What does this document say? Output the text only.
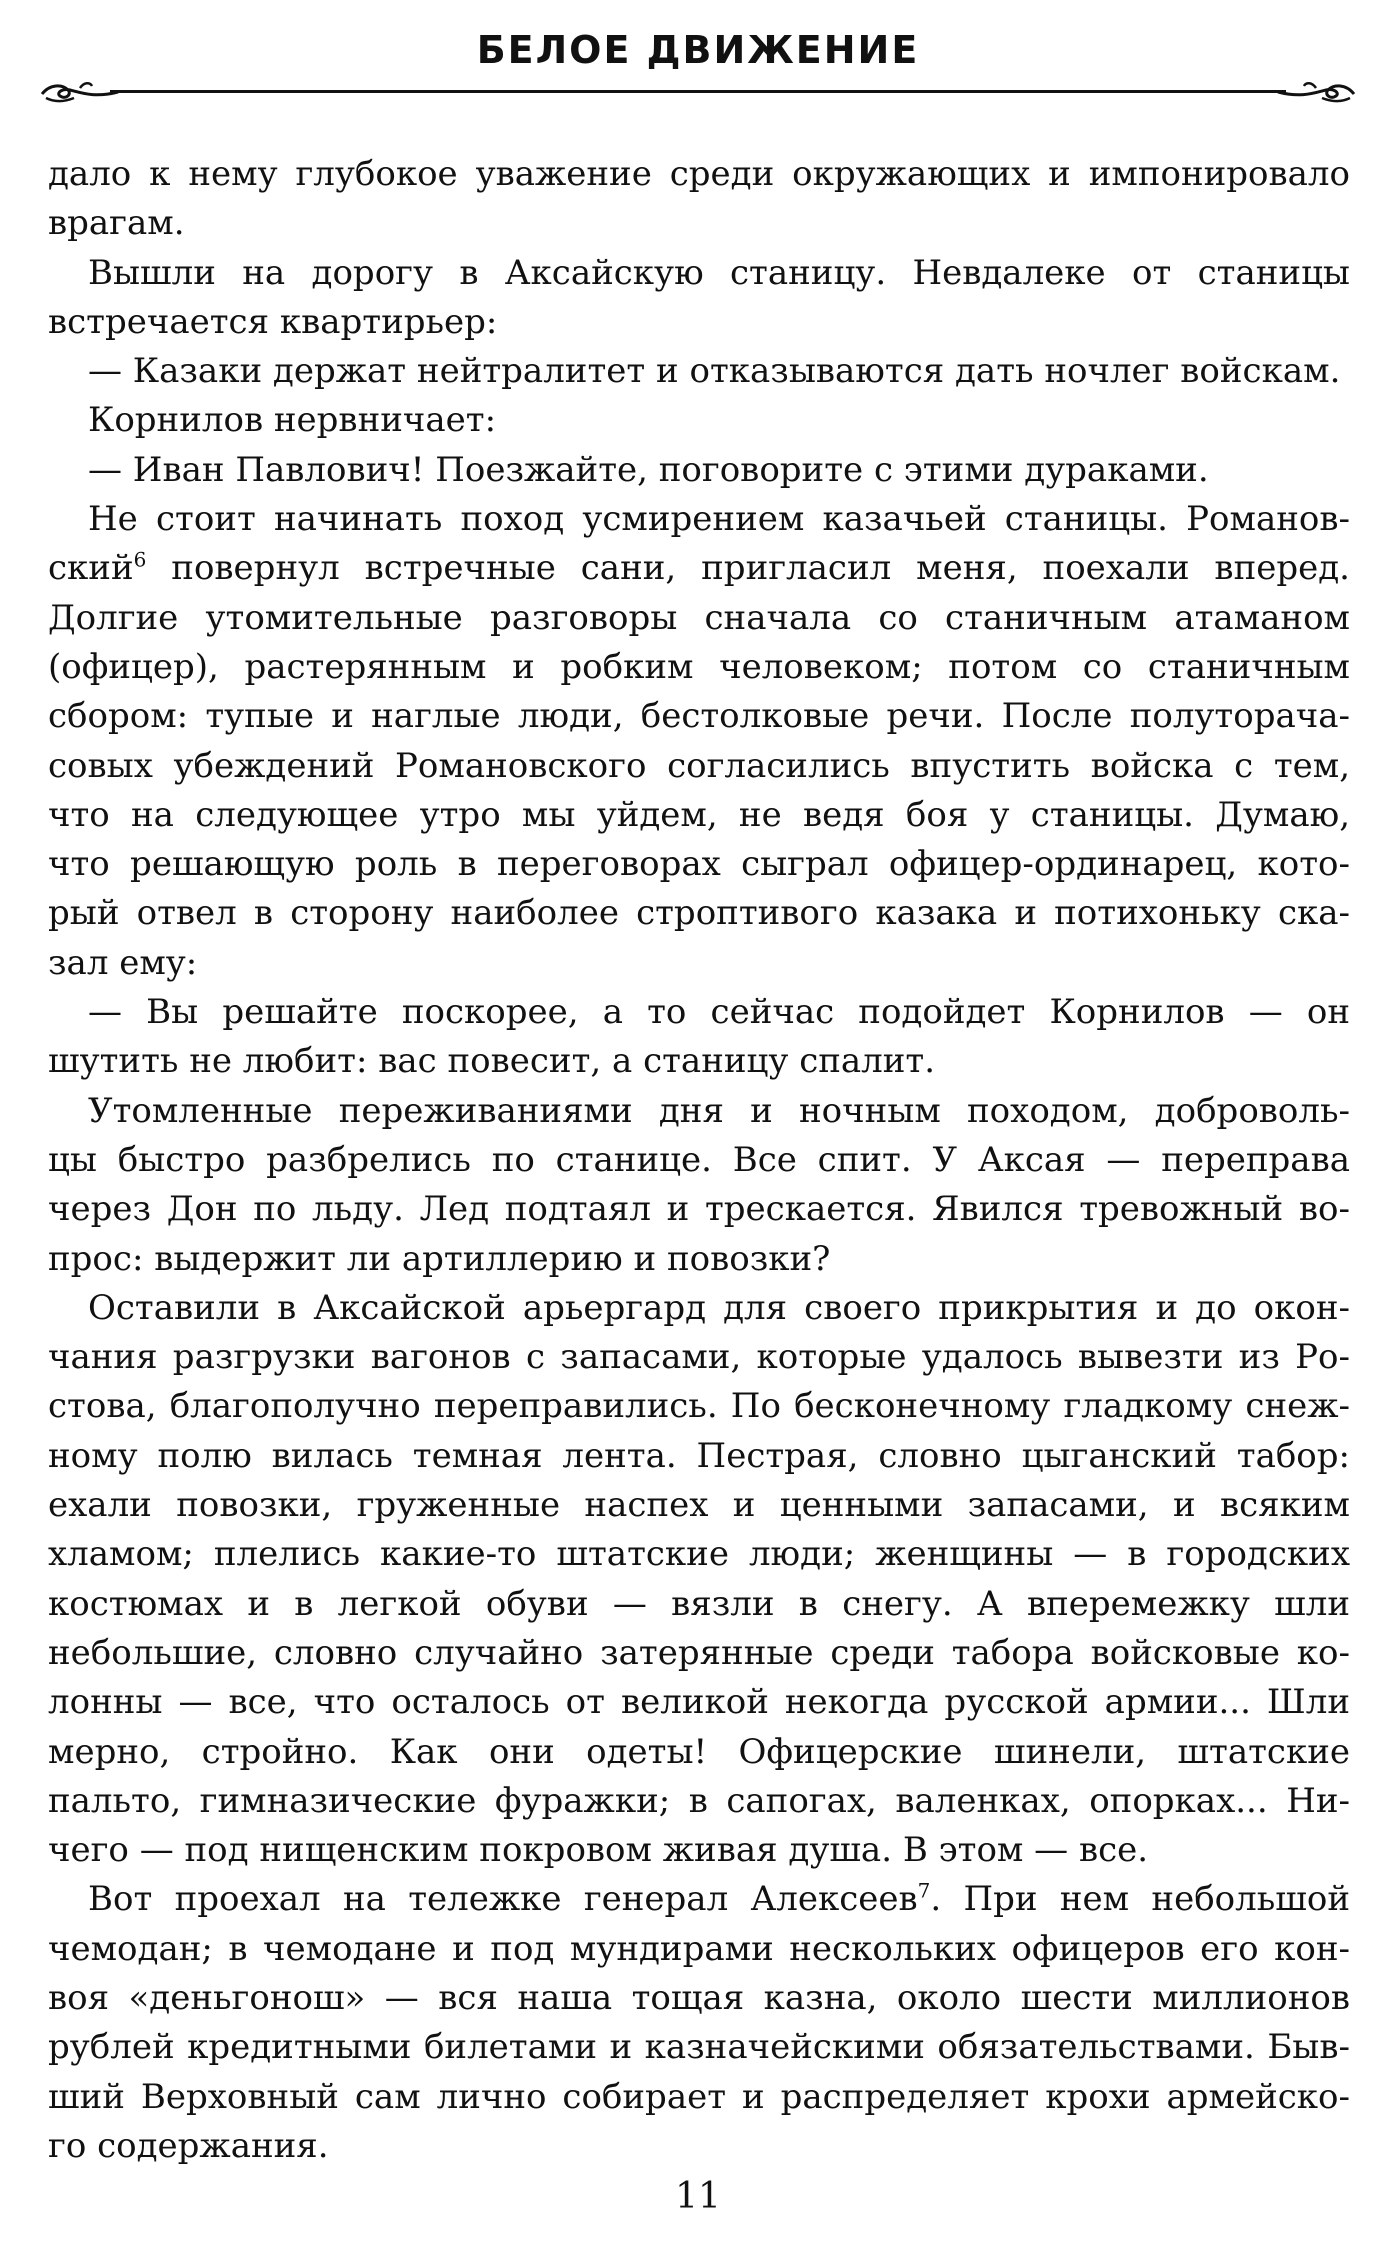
БЕЛОЕ ДВИЖЕНИЕ
дало к нему глубокое уважение среди окружающих и импонировало
врагам.
Вышли на дорогу в Аксайскую станицу. Невдалеке от станицы
встречается квартирьер:
— Казаки держат нейтралитет и отказываются дать ночлег войскам.
Корнилов нервничает:
— Иван Павлович! Поезжайте, поговорите с этими дураками.
Не стоит начинать поход усмирением казачьей станицы. Романов-
ский$^6$ повернул встречные сани, пригласил меня, поехали вперед.
Долгие утомительные разговоры сначала со станичным атаманом
(офицер), растерянным и робким человеком; потом со станичным
сбором: тупые и наглые люди, бестолковые речи. После полуторача-
совых убеждений Романовского согласились впустить войска с тем,
что на следующее утро мы уйдем, не ведя боя у станицы. Думаю,
что решающую роль в переговорах сыграл офицер-ординарец, кото-
рый отвел в сторону наиболее строптивого казака и потихоньку ска-
зал ему:
— Вы решайте поскорее, а то сейчас подойдет Корнилов — он
шутить не любит: вас повесит, а станицу спалит.
Утомленные переживаниями дня и ночным походом, доброволь-
цы быстро разбрелись по станице. Все спит. У Аксая — переправа
через Дон по льду. Лед подтаял и трескается. Явился тревожный во-
прос: выдержит ли артиллерию и повозки?
Оставили в Аксайской арьергард для своего прикрытия и до окон-
чания разгрузки вагонов с запасами, которые удалось вывезти из Ро-
стова, благополучно переправились. По бесконечному гладкому снеж-
ному полю вилась темная лента. Пестрая, словно цыганский табор:
ехали повозки, груженные наспех и ценными запасами, и всяким
хламом; плелись какие-то штатские люди; женщины — в городских
костюмах и в легкой обуви — вязли в снегу. А вперемежку шли
небольшие, словно случайно затерянные среди табора войсковые ко-
лонны — все, что осталось от великой некогда русской армии... Шли
мерно, стройно. Как они одеты! Офицерские шинели, штатские
пальто, гимназические фуражки; в сапогах, валенках, опорках... Ни-
чего — под нищенским покровом живая душа. В этом — все.
Вот проехал на тележке генерал Алексеев$^7$. При нем небольшой
чемодан; в чемодане и под мундирами нескольких офицеров его кон-
воя «деньгонош» — вся наша тощая казна, около шести миллионов
рублей кредитными билетами и казначейскими обязательствами. Быв-
ший Верховный сам лично собирает и распределяет крохи армейско-
го содержания.
11
